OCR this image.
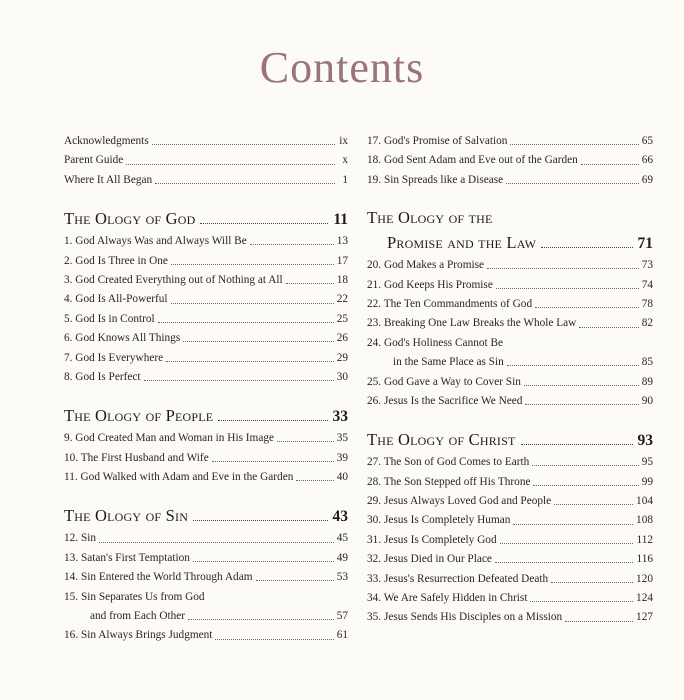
Contents
Acknowledgments	ix
Parent Guide	x
Where It All Began	1
The Ology of God	11
1. God Always Was and Always Will Be	13
2. God Is Three in One	17
3. God Created Everything out of Nothing at All	18
4. God Is All-Powerful	22
5. God Is in Control	25
6. God Knows All Things	26
7. God Is Everywhere	29
8. God Is Perfect	30
The Ology of People	33
9. God Created Man and Woman in His Image	35
10. The First Husband and Wife	39
11. God Walked with Adam and Eve in the Garden	40
The Ology of Sin	43
12. Sin	45
13. Satan's First Temptation	49
14. Sin Entered the World Through Adam	53
15. Sin Separates Us from God
and from Each Other	57
16. Sin Always Brings Judgment	61
17. God's Promise of Salvation	65
18. God Sent Adam and Eve out of the Garden	66
19. Sin Spreads like a Disease	69
The Ology of the
Promise and the Law	71
20. God Makes a Promise	73
21. God Keeps His Promise	74
22. The Ten Commandments of God	78
23. Breaking One Law Breaks the Whole Law	82
24. God's Holiness Cannot Be
in the Same Place as Sin	85
25. God Gave a Way to Cover Sin	89
26. Jesus Is the Sacrifice We Need	90
The Ology of Christ	93
27. The Son of God Comes to Earth	95
28. The Son Stepped off His Throne	99
29. Jesus Always Loved God and People	104
30. Jesus Is Completely Human	108
31. Jesus Is Completely God	112
32. Jesus Died in Our Place	116
33. Jesus's Resurrection Defeated Death	120
34. We Are Safely Hidden in Christ	124
35. Jesus Sends His Disciples on a Mission	127
